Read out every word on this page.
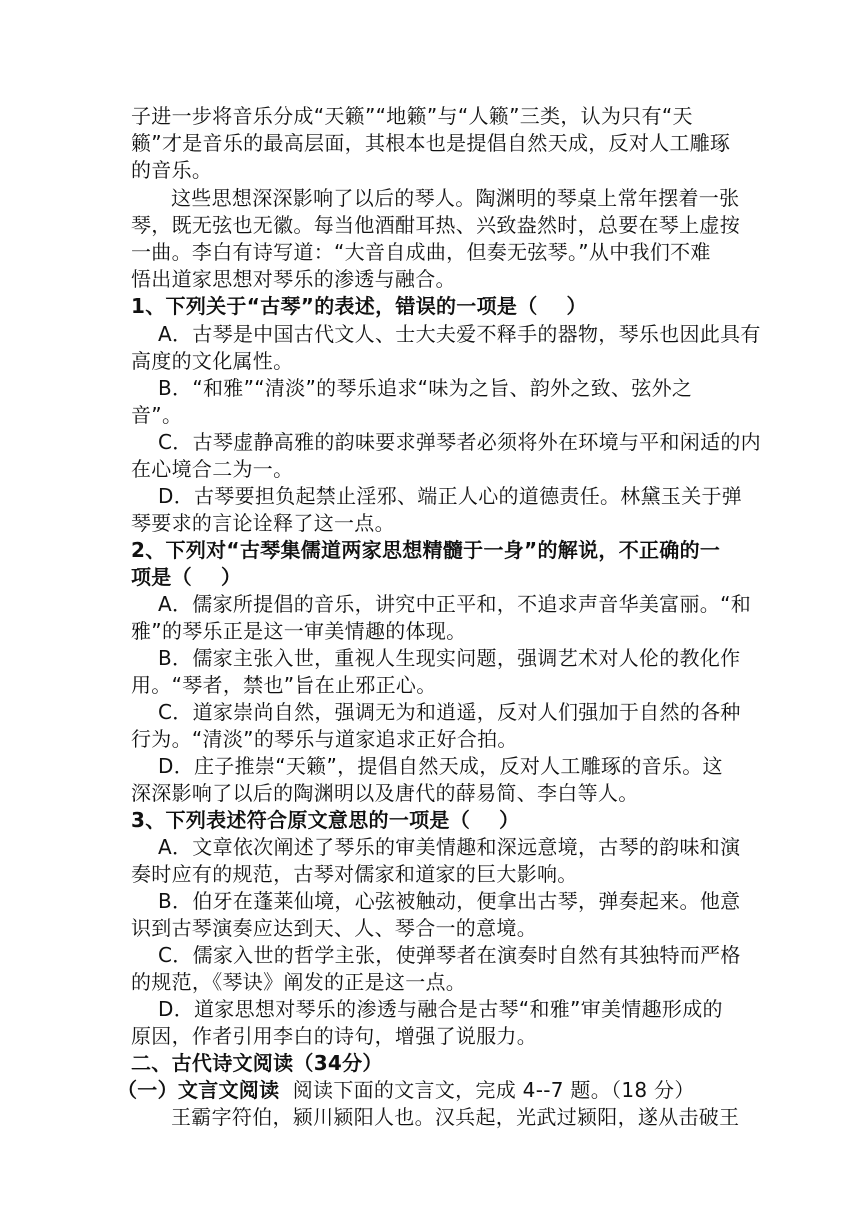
子进一步将音乐分成“天籁”“地籁”与“人籁”三类，认为只有“天
籁”才是音乐的最高层面，其根本也是提倡自然天成，反对人工雕琢
的音乐。
这些思想深深影响了以后的琴人。陶渊明的琴桌上常年摆着一张
琴，既无弦也无徽。每当他酒酣耳热、兴致盎然时，总要在琴上虚按
一曲。李白有诗写道：“大音自成曲，但奏无弦琴。”从中我们不难
悟出道家思想对琴乐的渗透与融合。
1、下列关于“古琴”的表述，错误的一项是（    ）
A．古琴是中国古代文人、士大夫爱不释手的器物，琴乐也因此具有
高度的文化属性。
B．“和雅”“清淡”的琴乐追求“味为之旨、韵外之致、弦外之
音”。
C．古琴虚静高雅的韵味要求弹琴者必须将外在环境与平和闲适的内
在心境合二为一。
D．古琴要担负起禁止淫邪、端正人心的道德责任。林黛玉关于弹
琴要求的言论诠释了这一点。
2、下列对“古琴集儒道两家思想精髓于一身”的解说，不正确的一
项是（    ）
A．儒家所提倡的音乐，讲究中正平和，不追求声音华美富丽。“和
雅”的琴乐正是这一审美情趣的体现。
B．儒家主张入世，重视人生现实问题，强调艺术对人伦的教化作
用。“琴者，禁也”旨在止邪正心。
C．道家崇尚自然，强调无为和逍遥，反对人们强加于自然的各种
行为。“清淡”的琴乐与道家追求正好合拍。
D．庄子推崇“天籁”，提倡自然天成，反对人工雕琢的音乐。这
深深影响了以后的陶渊明以及唐代的薛易简、李白等人。
3、下列表述符合原文意思的一项是（    ）
A．文章依次阐述了琴乐的审美情趣和深远意境，古琴的韵味和演
奏时应有的规范，古琴对儒家和道家的巨大影响。
B．伯牙在蓬莱仙境，心弦被触动，便拿出古琴，弹奏起来。他意
识到古琴演奏应达到天、人、琴合一的意境。
C．儒家入世的哲学主张，使弹琴者在演奏时自然有其独特而严格
的规范，《琴诀》阐发的正是这一点。
D．道家思想对琴乐的渗透与融合是古琴“和雅”审美情趣形成的
原因，作者引用李白的诗句，增强了说服力。
二、古代诗文阅读（34分）
（一）文言文阅读  阅读下面的文言文，完成 4--7 题。（18 分）
王霸字符伯，颍川颍阳人也。汉兵起，光武过颍阳，遂从击破王
